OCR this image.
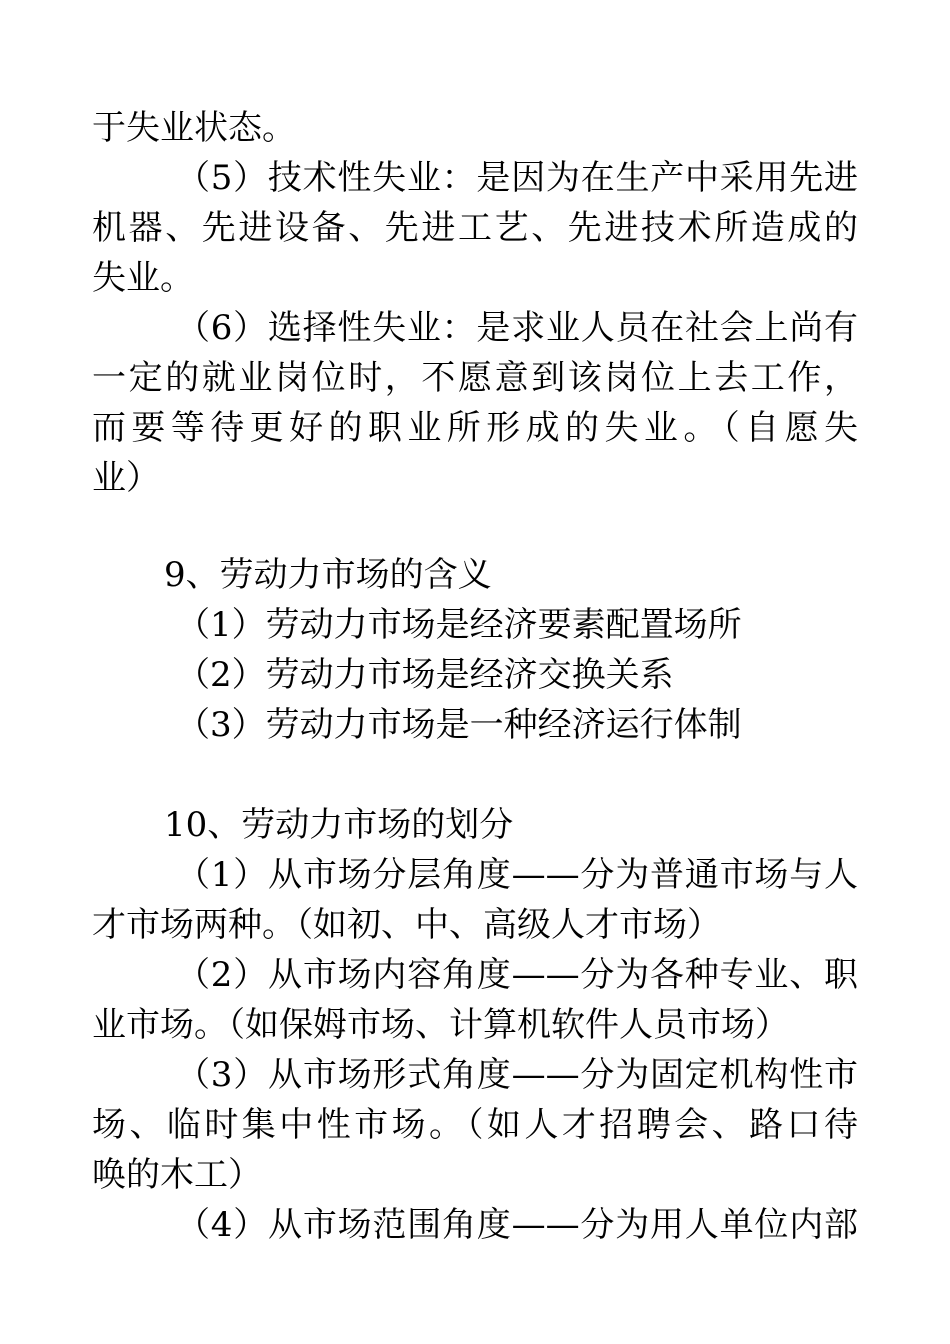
于失业状态。
（5）技术性失业：是因为在生产中采用先进
机器、先进设备、先进工艺、先进技术所造成的
失业。
（6）选择性失业：是求业人员在社会上尚有
一定的就业岗位时，不愿意到该岗位上去工作，
而要等待更好的职业所形成的失业。（自愿失
业）
9、劳动力市场的含义
（1）劳动力市场是经济要素配置场所
（2）劳动力市场是经济交换关系
（3）劳动力市场是一种经济运行体制
10、劳动力市场的划分
（1）从市场分层角度——分为普通市场与人
才市场两种。（如初、中、高级人才市场）
（2）从市场内容角度——分为各种专业、职
业市场。（如保姆市场、计算机软件人员市场）
（3）从市场形式角度——分为固定机构性市
场、临时集中性市场。（如人才招聘会、路口待
唤的木工）
（4）从市场范围角度——分为用人单位内部
